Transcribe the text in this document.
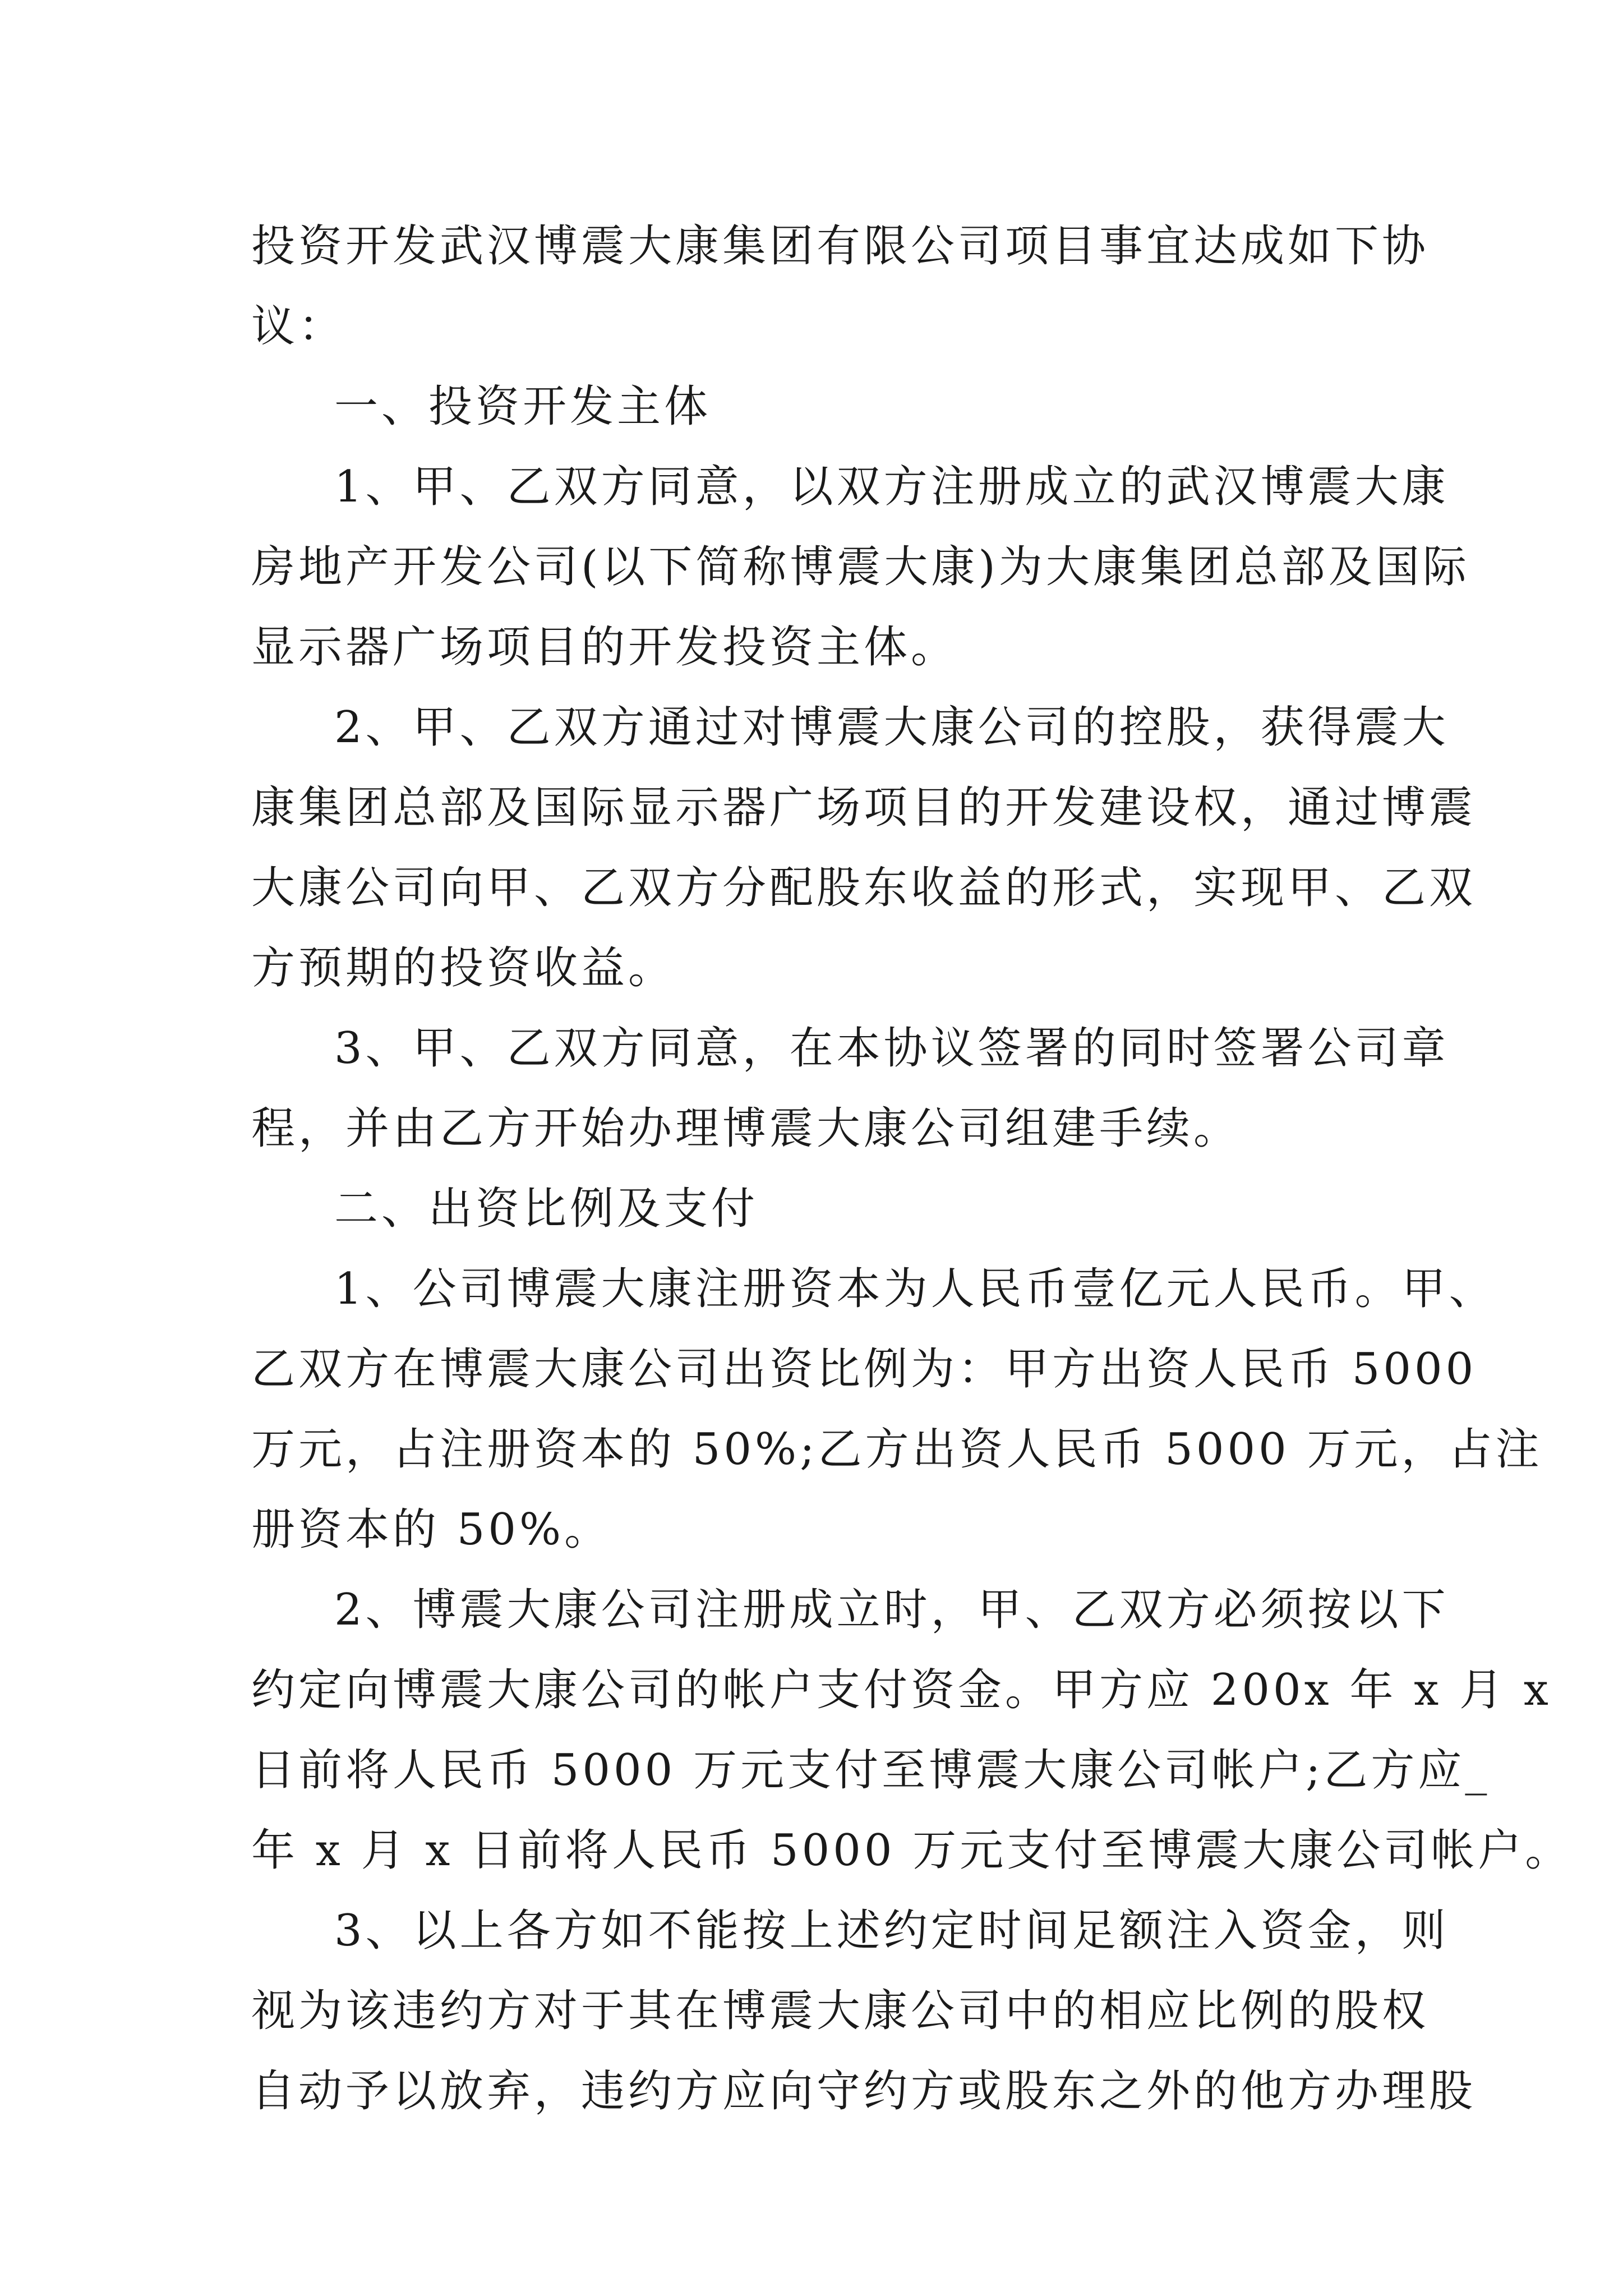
投资开发武汉博震大康集团有限公司项目事宜达成如下协
议：
一、投资开发主体
1、甲、乙双方同意，以双方注册成立的武汉博震大康
房地产开发公司(以下简称博震大康)为大康集团总部及国际
显示器广场项目的开发投资主体。
2、甲、乙双方通过对博震大康公司的控股，获得震大
康集团总部及国际显示器广场项目的开发建设权，通过博震
大康公司向甲、乙双方分配股东收益的形式，实现甲、乙双
方预期的投资收益。
3、甲、乙双方同意，在本协议签署的同时签署公司章
程，并由乙方开始办理博震大康公司组建手续。
二、出资比例及支付
1、公司博震大康注册资本为人民币壹亿元人民币。甲、
乙双方在博震大康公司出资比例为：甲方出资人民币 5000
万元，占注册资本的 50%;乙方出资人民币 5000 万元，占注
册资本的 50%。
2、博震大康公司注册成立时，甲、乙双方必须按以下
约定向博震大康公司的帐户支付资金。甲方应 200x 年 x 月 x
日前将人民币 5000 万元支付至博震大康公司帐户;乙方应_
年 x 月 x 日前将人民币 5000 万元支付至博震大康公司帐户。
3、以上各方如不能按上述约定时间足额注入资金，则
视为该违约方对于其在博震大康公司中的相应比例的股权
自动予以放弃，违约方应向守约方或股东之外的他方办理股
